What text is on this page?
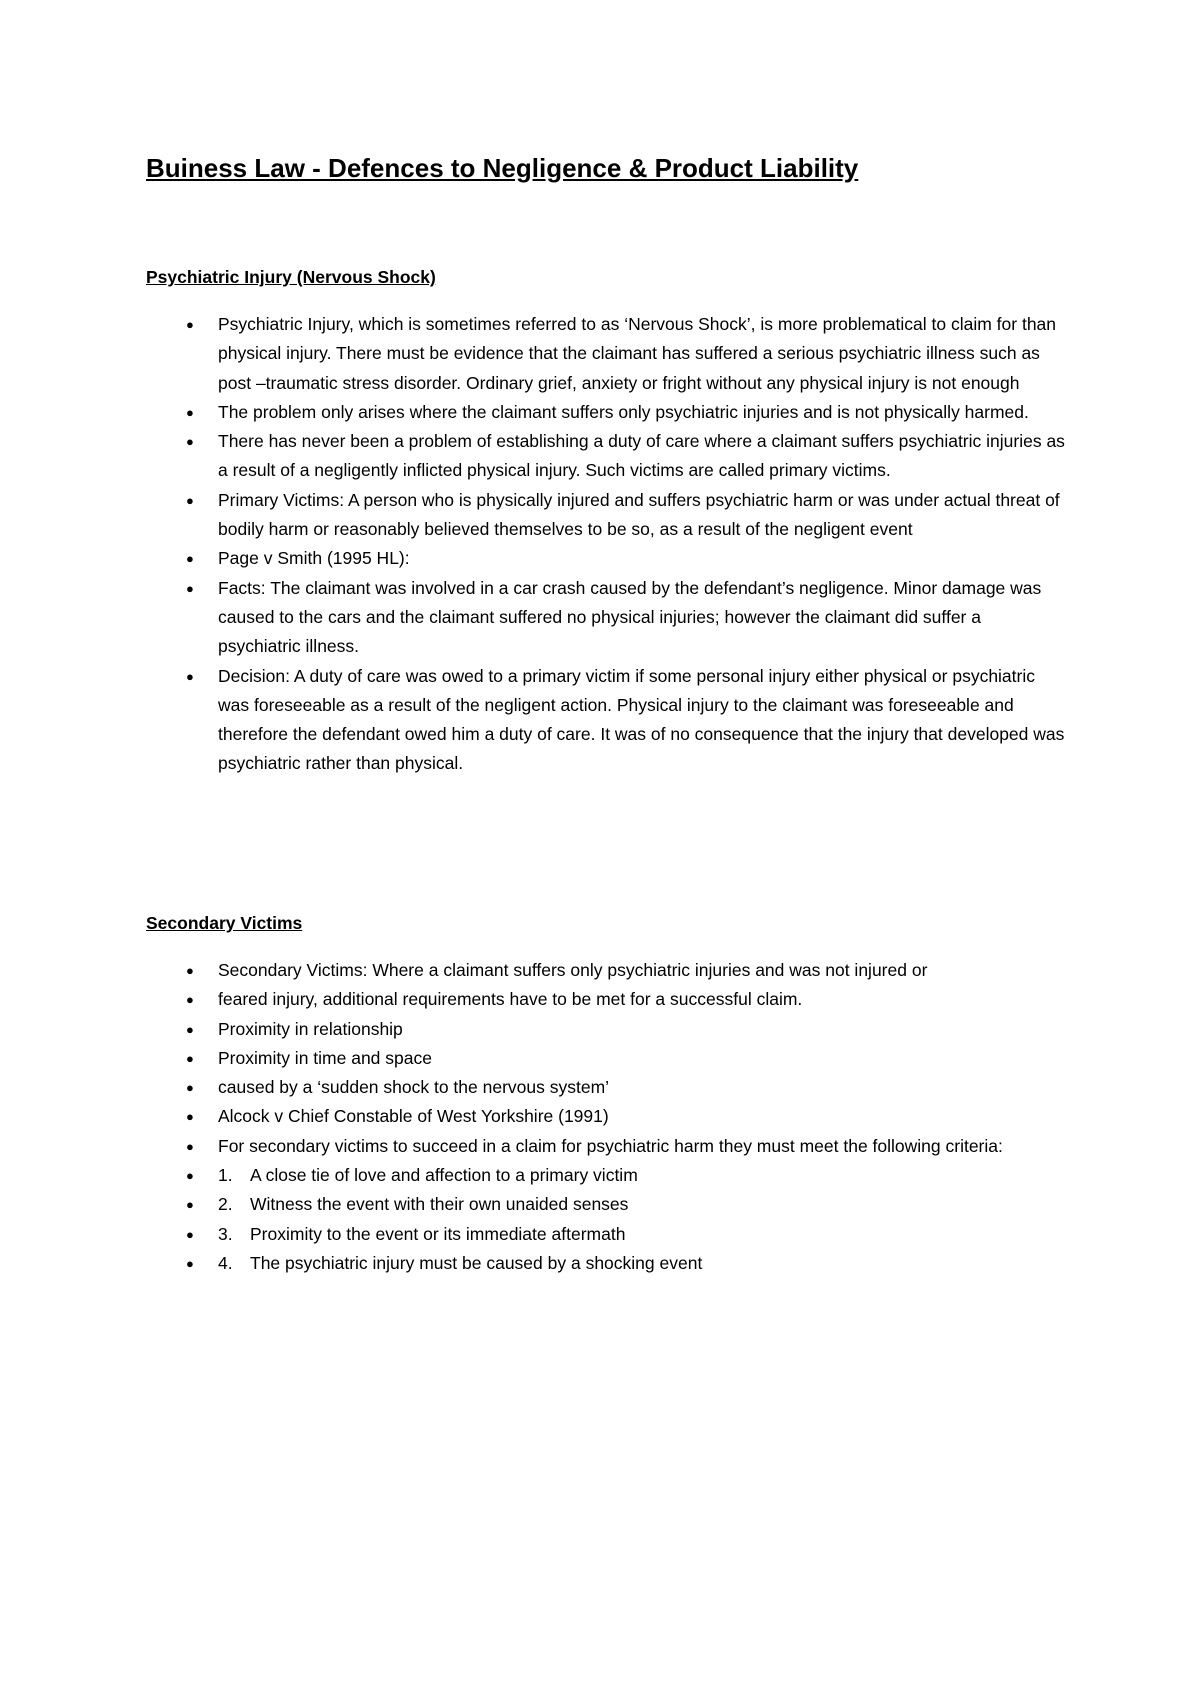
Buiness Law - Defences to Negligence & Product Liability
Psychiatric Injury (Nervous Shock)
● Psychiatric Injury, which is sometimes referred to as ‘Nervous Shock’, is more problematical to claim for than physical injury. There must be evidence that the claimant has suffered a serious psychiatric illness such as post –traumatic stress disorder. Ordinary grief, anxiety or fright without any physical injury is not enough
● The problem only arises where the claimant suffers only psychiatric injuries and is not physically harmed.
● There has never been a problem of establishing a duty of care where a claimant suffers psychiatric injuries as a result of a negligently inflicted physical injury. Such victims are called primary victims.
● Primary Victims: A person who is physically injured and suffers psychiatric harm or was under actual threat of bodily harm or reasonably believed themselves to be so, as a result of the negligent event
● Page v Smith (1995 HL):
● Facts: The claimant was involved in a car crash caused by the defendant’s negligence. Minor damage was caused to the cars and the claimant suffered no physical injuries; however the claimant did suffer a psychiatric illness.
● Decision: A duty of care was owed to a primary victim if some personal injury either physical or psychiatric was foreseeable as a result of the negligent action. Physical injury to the claimant was foreseeable and therefore the defendant owed him a duty of care. It was of no consequence that the injury that developed was psychiatric rather than physical.
Secondary Victims
● Secondary Victims: Where a claimant suffers only psychiatric injuries and was not injured or
● feared injury, additional requirements have to be met for a successful claim.
● Proximity in relationship
● Proximity in time and space
● caused by a ‘sudden shock to the nervous system’
● Alcock v Chief Constable of West Yorkshire (1991)
● For secondary victims to succeed in a claim for psychiatric harm they must meet the following criteria:
● 1. A close tie of love and affection to a primary victim
● 2. Witness the event with their own unaided senses
● 3. Proximity to the event or its immediate aftermath
● 4. The psychiatric injury must be caused by a shocking event
